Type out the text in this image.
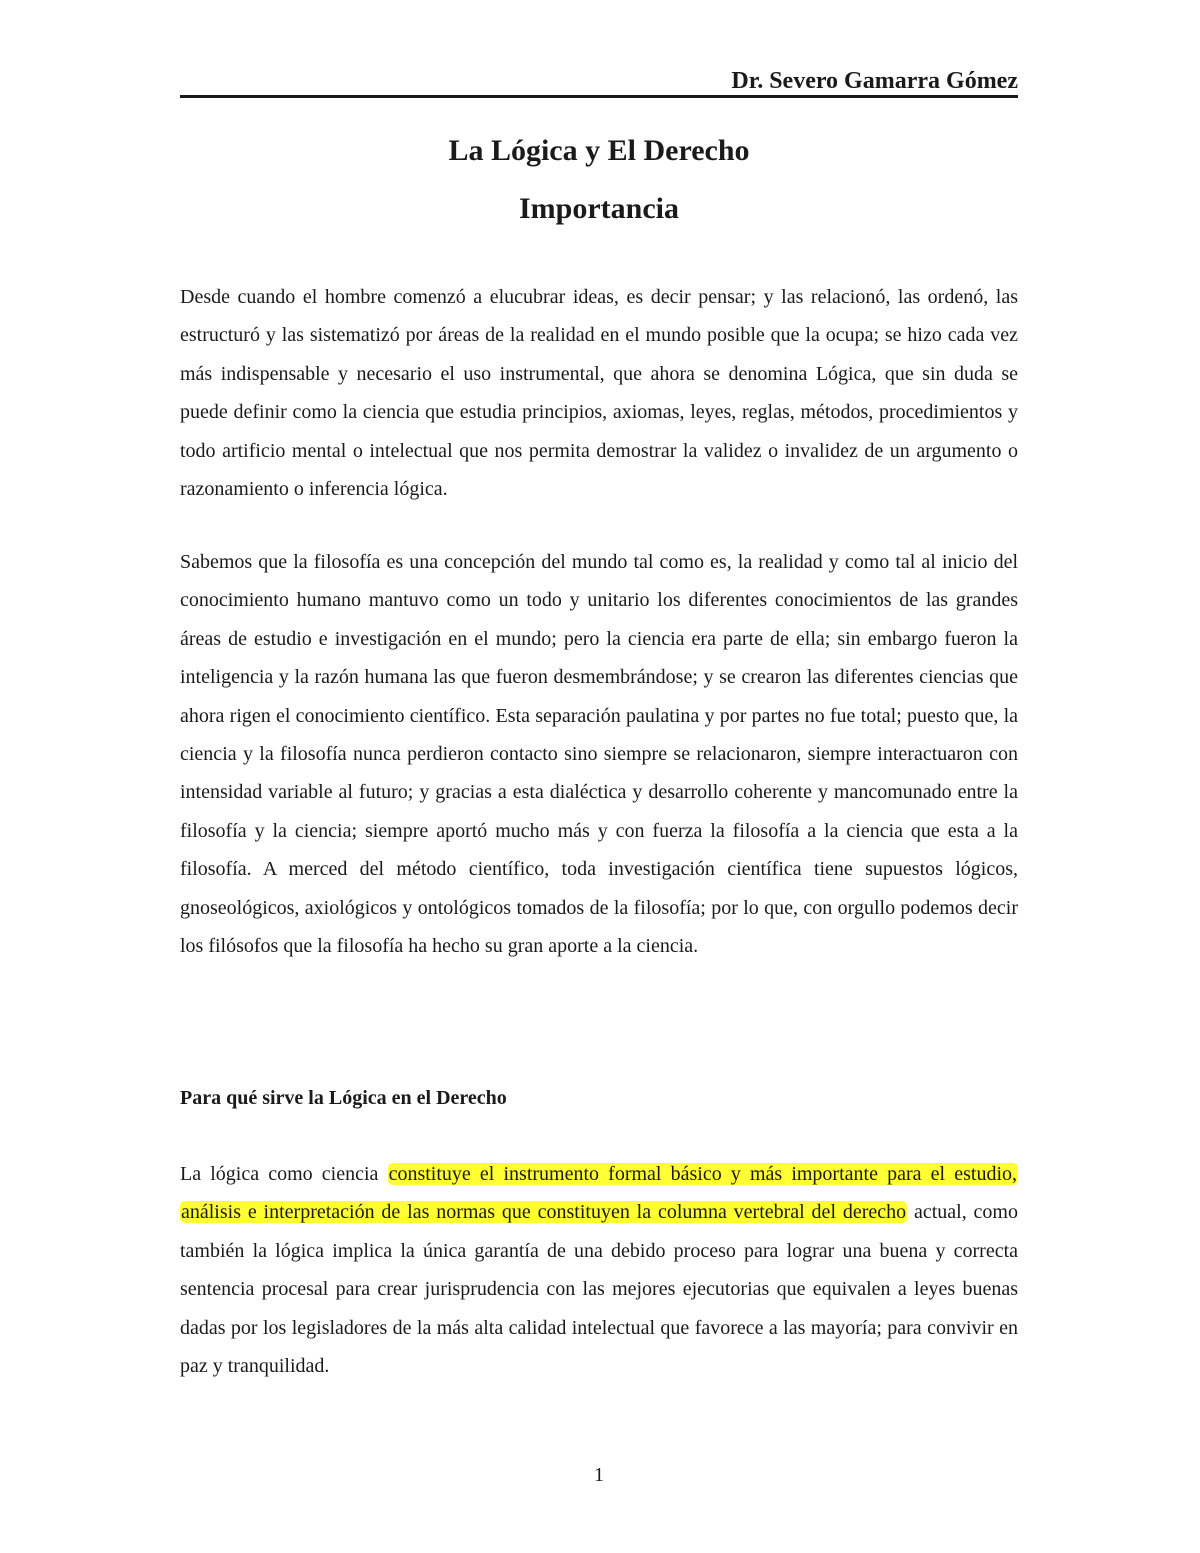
Dr. Severo Gamarra Gómez
La Lógica y El Derecho
Importancia

Desde cuando el hombre comenzó a elucubrar ideas, es decir pensar; y las relacionó, las ordenó, las estructuró y las sistematizó por áreas de la realidad en el mundo posible que la ocupa; se hizo cada vez más indispensable y necesario el uso instrumental, que ahora se denomina Lógica, que sin duda se puede definir como la ciencia que estudia principios, axiomas, leyes, reglas, métodos, procedimientos y todo artificio mental o intelectual que nos permita demostrar la validez o invalidez de un argumento o razonamiento o inferencia lógica.

Sabemos que la filosofía es una concepción del mundo tal como es, la realidad y como tal al inicio del conocimiento humano mantuvo como un todo y unitario los diferentes conocimientos de las grandes áreas de estudio e investigación en el mundo; pero la ciencia era parte de ella; sin embargo fueron la inteligencia y la razón humana las que fueron desmembrándose; y se crearon las diferentes ciencias que ahora rigen el conocimiento científico. Esta separación paulatina y por partes no fue total; puesto que, la ciencia y la filosofía nunca perdieron contacto sino siempre se relacionaron, siempre interactuaron con intensidad variable al futuro; y gracias a esta dialéctica y desarrollo coherente y mancomunado entre la filosofía y la ciencia; siempre aportó mucho más y con fuerza la filosofía a la ciencia que esta a la filosofía. A merced del método científico, toda investigación científica tiene supuestos lógicos, gnoseológicos, axiológicos y ontológicos tomados de la filosofía; por lo que, con orgullo podemos decir los filósofos que la filosofía ha hecho su gran aporte a la ciencia.

Para qué sirve la Lógica en el Derecho

La lógica como ciencia constituye el instrumento formal básico y más importante para el estudio, análisis e interpretación de las normas que constituyen la columna vertebral del derecho actual, como también la lógica implica la única garantía de una debido proceso para lograr una buena y correcta sentencia procesal para crear jurisprudencia con las mejores ejecutorias que equivalen a leyes buenas dadas por los legisladores de la más alta calidad intelectual que favorece a las mayoría; para convivir en paz y tranquilidad.

1
